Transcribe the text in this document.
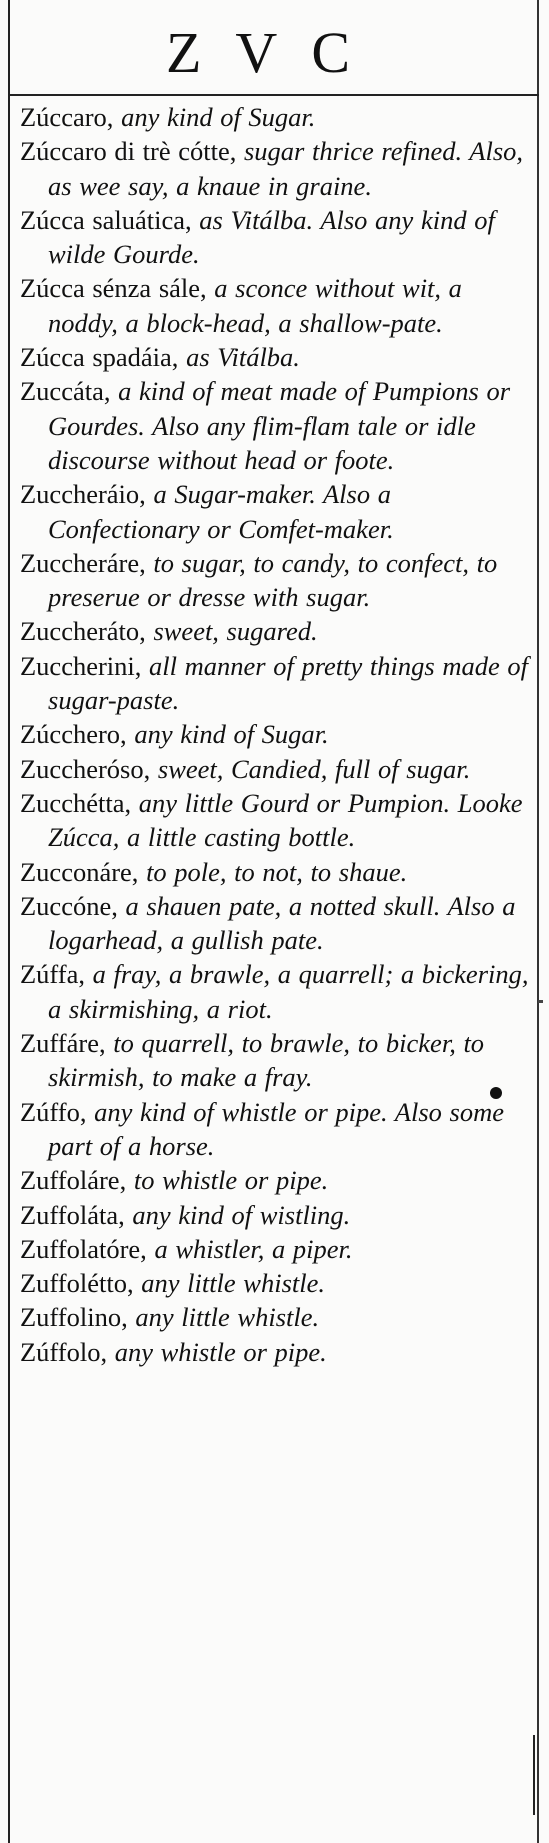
ZVC
Zúccaro, any kind of Sugar.
Zúccaro di trè cótte, sugar thrice refined. Also, as wee say, a knaue in graine.
Zúcca saluática, as Vitálba. Also any kind of wilde Gourde.
Zúcca sénza sále, a sconce without wit, a noddy, a block-head, a shallow-pate.
Zúcca spadáia, as Vitálba.
Zuccáta, a kind of meat made of Pumpions or Gourdes. Also any flim-flam tale or idle discourse without head or foote.
Zuccheráio, a Sugar-maker. Also a Confectionary or Comfet-maker.
Zuccheráre, to sugar, to candy, to confect, to preserue or dresse with sugar.
Zuccheráto, sweet, sugared.
Zuccherini, all manner of pretty things made of sugar-paste.
Zúcchero, any kind of Sugar.
Zuccheróso, sweet, Candied, full of sugar.
Zucchétta, any little Gourd or Pumpion. Looke Zúcca, a little casting bottle.
Zucconáre, to pole, to not, to shaue.
Zuccóne, a shauen pate, a notted skull. Also a logarhead, a gullish pate.
Zúffa, a fray, a brawle, a quarrell; a bickering, a skirmishing, a riot.
Zuffáre, to quarrell, to brawle, to bicker, to skirmish, to make a fray.
Zúffo, any kind of whistle or pipe. Also some part of a horse.
Zuffoláre, to whistle or pipe.
Zuffoláta, any kind of wistling.
Zuffolatóre, a whistler, a piper.
Zuffolétto, any little whistle.
Zuffolino, any little whistle.
Zúffolo, any whistle or pipe.
